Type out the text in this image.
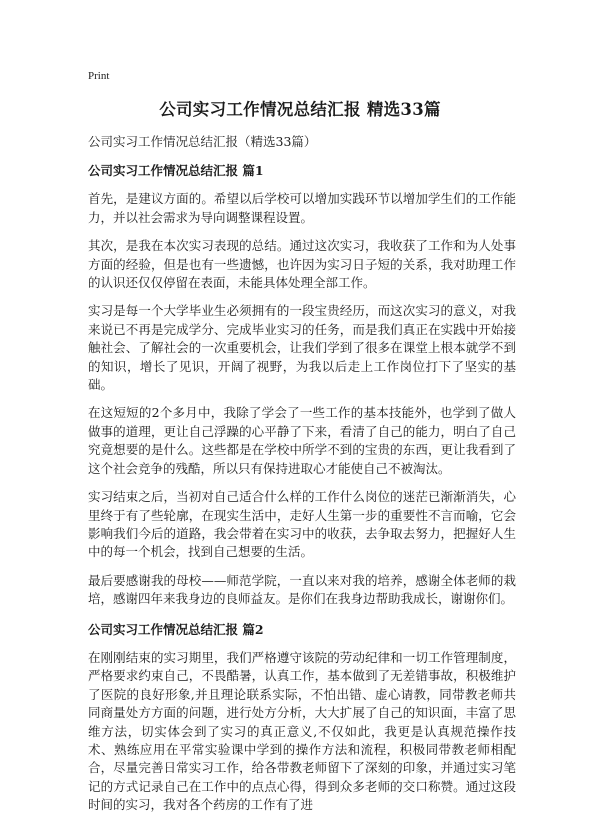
Print
公司实习工作情况总结汇报 精选33篇
公司实习工作情况总结汇报（精选33篇）
公司实习工作情况总结汇报 篇1

首先，是建议方面的。希望以后学校可以增加实践环节以增加学生们的工作能力，并以社会需求为导向调整课程设置。

其次，是我在本次实习表现的总结。通过这次实习，我收获了工作和为人处事方面的经验，但是也有一些遗憾，也许因为实习日子短的关系，我对助理工作的认识还仅仅停留在表面，未能具体处理全部工作。

实习是每一个大学毕业生必须拥有的一段宝贵经历，而这次实习的意义，对我来说已不再是完成学分、完成毕业实习的任务，而是我们真正在实践中开始接触社会、了解社会的一次重要机会，让我们学到了很多在课堂上根本就学不到的知识，增长了见识，开阔了视野，为我以后走上工作岗位打下了坚实的基础。

在这短短的2个多月中，我除了学会了一些工作的基本技能外，也学到了做人做事的道理，更让自己浮躁的心平静了下来，看清了自己的能力，明白了自己究竟想要的是什么。这些都是在学校中所学不到的宝贵的东西，更让我看到了这个社会竞争的残酷，所以只有保持进取心才能使自己不被淘汰。

实习结束之后，当初对自己适合什么样的工作什么岗位的迷茫已渐渐消失，心里终于有了些轮廓，在现实生活中，走好人生第一步的重要性不言而喻，它会影响我们今后的道路，我会带着在实习中的收获，去争取去努力，把握好人生中的每一个机会，找到自己想要的生活。

最后要感谢我的母校——师范学院，一直以来对我的培养，感谢全体老师的栽培，感谢四年来我身边的良师益友。是你们在我身边帮助我成长，谢谢你们。

公司实习工作情况总结汇报 篇2

在刚刚结束的实习期里，我们严格遵守该院的劳动纪律和一切工作管理制度，严格要求约束自己，不畏酷暑，认真工作，基本做到了无差错事故，积极维护了医院的良好形象,并且理论联系实际，不怕出错、虚心请教，同带教老师共同商量处方方面的问题，进行处方分析，大大扩展了自己的知识面，丰富了思维方法，切实体会到了实习的真正意义,不仅如此，我更是认真规范操作技术、熟练应用在平常实验课中学到的操作方法和流程，积极同带教老师相配合，尽量完善日常实习工作，给各带教老师留下了深刻的印象，并通过实习笔记的方式记录自己在工作中的点点心得，得到众多老师的交口称赞。通过这段时间的实习，我对各个药房的工作有了进
